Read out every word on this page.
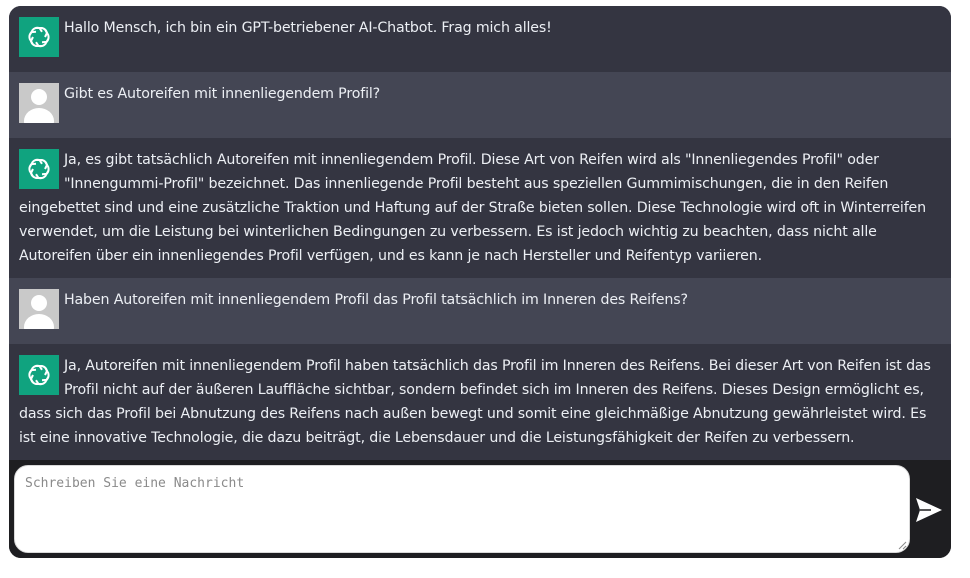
Hallo Mensch, ich bin ein GPT-betriebener AI-Chatbot. Frag mich alles!
Gibt es Autoreifen mit innenliegendem Profil?
Ja, es gibt tatsächlich Autoreifen mit innenliegendem Profil. Diese Art von Reifen wird als "Innenliegendes Profil" oder "Innengummi-Profil" bezeichnet. Das innenliegende Profil besteht aus speziellen Gummimischungen, die in den Reifen eingebettet sind und eine zusätzliche Traktion und Haftung auf der Straße bieten sollen. Diese Technologie wird oft in Winterreifen verwendet, um die Leistung bei winterlichen Bedingungen zu verbessern. Es ist jedoch wichtig zu beachten, dass nicht alle Autoreifen über ein innenliegendes Profil verfügen, und es kann je nach Hersteller und Reifentyp variieren.
Haben Autoreifen mit innenliegendem Profil das Profil tatsächlich im Inneren des Reifens?
Ja, Autoreifen mit innenliegendem Profil haben tatsächlich das Profil im Inneren des Reifens. Bei dieser Art von Reifen ist das Profil nicht auf der äußeren Lauffläche sichtbar, sondern befindet sich im Inneren des Reifens. Dieses Design ermöglicht es, dass sich das Profil bei Abnutzung des Reifens nach außen bewegt und somit eine gleichmäßige Abnutzung gewährleistet wird. Es ist eine innovative Technologie, die dazu beiträgt, die Lebensdauer und die Leistungsfähigkeit der Reifen zu verbessern.
Schreiben Sie eine Nachricht
